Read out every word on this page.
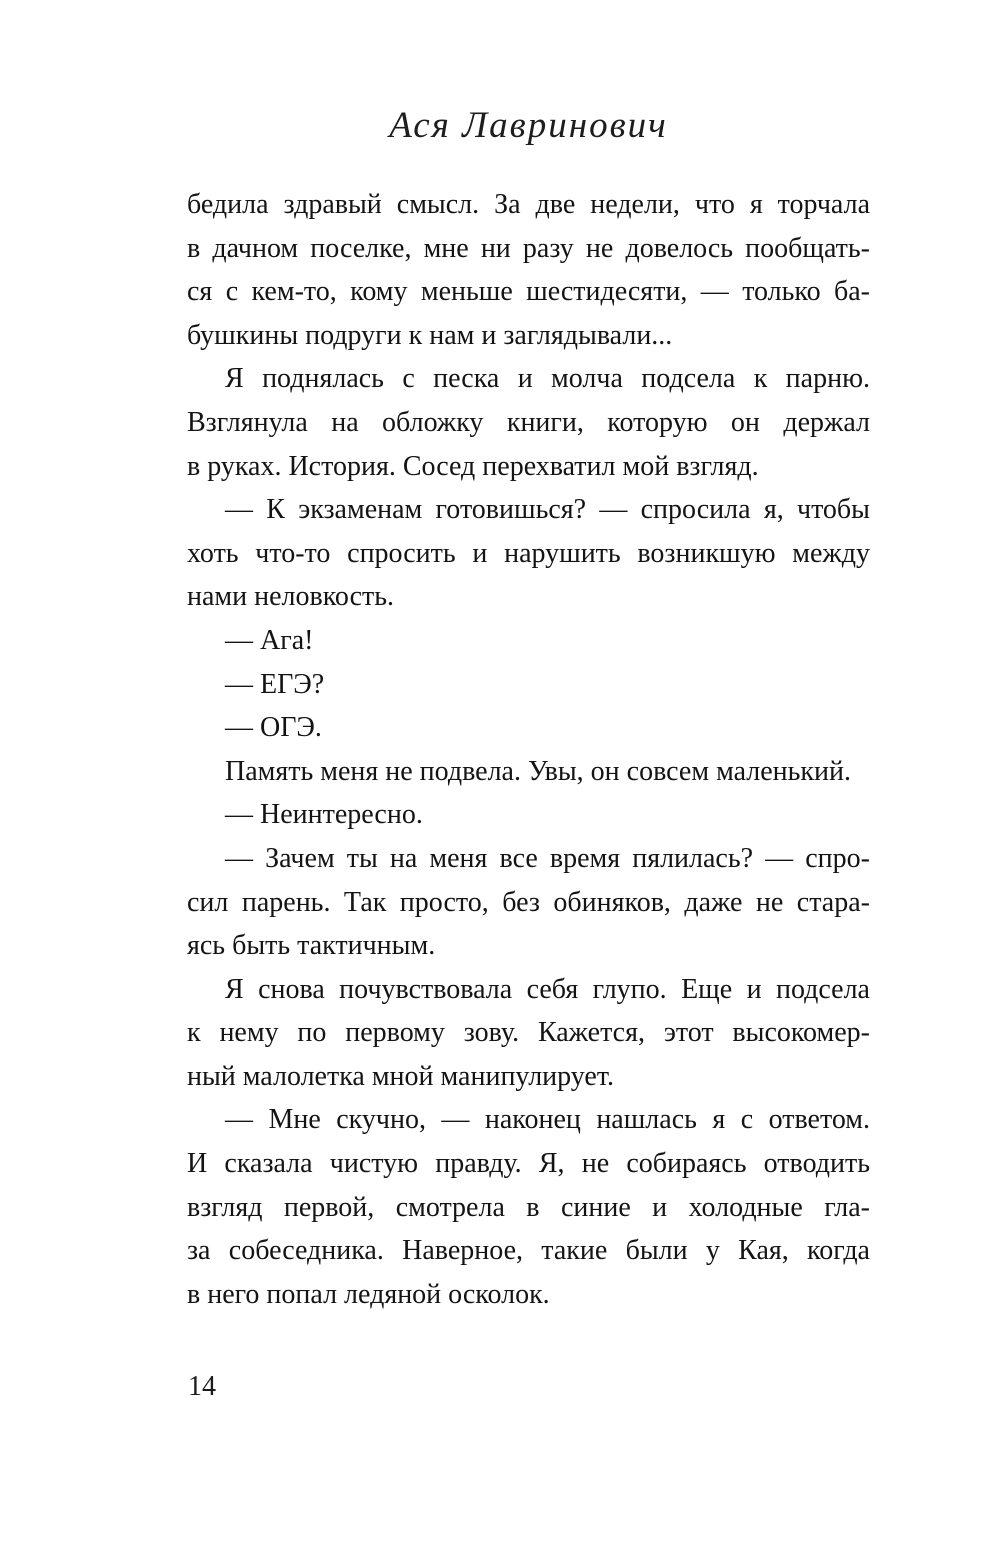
Ася Лавринович
бедила здравый смысл. За две недели, что я торчала
в дачном поселке, мне ни разу не довелось пообщать-
ся с кем-то, кому меньше шестидесяти, — только ба-
бушкины подруги к нам и заглядывали...
Я поднялась с песка и молча подсела к парню.
Взглянула на обложку книги, которую он держал
в руках. История. Сосед перехватил мой взгляд.
— К экзаменам готовишься? — спросила я, чтобы
хоть что-то спросить и нарушить возникшую между
нами неловкость.
— Ага!
— ЕГЭ?
— ОГЭ.
Память меня не подвела. Увы, он совсем маленький.
— Неинтересно.
— Зачем ты на меня все время пялилась? — спро-
сил парень. Так просто, без обиняков, даже не стара-
ясь быть тактичным.
Я снова почувствовала себя глупо. Еще и подсела
к нему по первому зову. Кажется, этот высокомер-
ный малолетка мной манипулирует.
— Мне скучно, — наконец нашлась я с ответом.
И сказала чистую правду. Я, не собираясь отводить
взгляд первой, смотрела в синие и холодные гла-
за собеседника. Наверное, такие были у Кая, когда
в него попал ледяной осколок.
14
